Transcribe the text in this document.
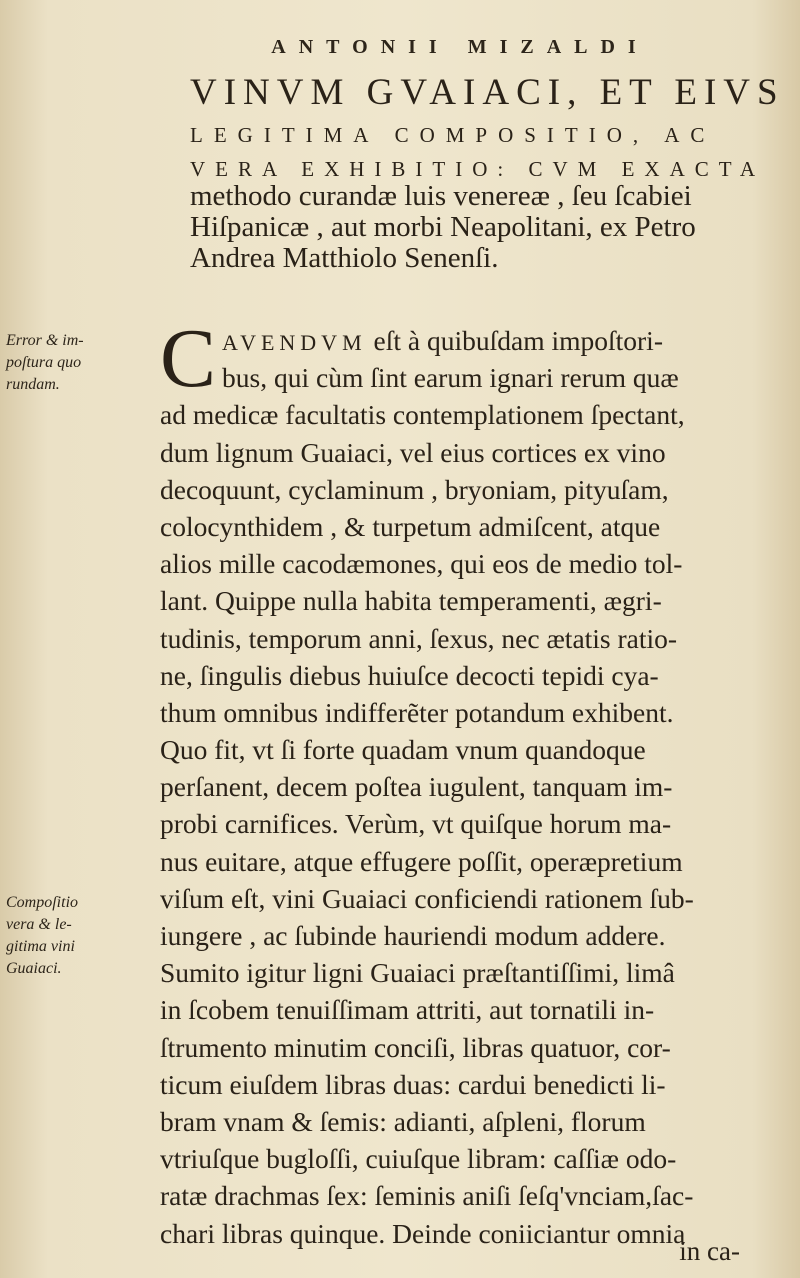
ANTONII MIZALDI
VINVM GVAIACI, ET EIVS
LEGITIMA COMPOSITIO, AC
VERA EXHIBITIO: CVM EXACTA
methodo curandæ luis venereæ , ſeu ſcabiei
Hiſpanicæ , aut morbi Neapolitani, ex Petro
Andrea Matthiolo Senenſi.
Error & im-
poſtura quo
rundam.
Compoſitio
vera & le-
gitima vini
Guaiaci.
C AVENDVM eſt à quibuſdam impoſtori-
bus, qui cùm ſint earum ignari rerum quæ
ad medicæ facultatis contemplationem ſpectant,
dum lignum Guaiaci, vel eius cortices ex vino
decoquunt, cyclaminum , bryoniam, pityuſam,
colocynthidem , & turpetum admiſcent, atque
alios mille cacodæmones, qui eos de medio tol-
lant. Quippe nulla habita temperamenti, ægri-
tudinis, temporum anni, ſexus, nec ætatis ratio-
ne, ſingulis diebus huiuſce decocti tepidi cya-
thum omnibus indifferẽter potandum exhibent.
Quo fit, vt ſi forte quadam vnum quandoque
perſanent, decem poſtea iugulent, tanquam im-
probi carnifices. Verùm, vt quiſque horum ma-
nus euitare, atque effugere poſſit, operæpretium
viſum eſt, vini Guaiaci conficiendi rationem ſub-
iungere , ac ſubinde hauriendi modum addere.
Sumito igitur ligni Guaiaci præſtantiſſimi, limâ
in ſcobem tenuiſſimam attriti, aut tornatili in-
ſtrumento minutim conciſi, libras quatuor, cor-
ticum eiuſdem libras duas: cardui benedicti li-
bram vnam & ſemis: adianti, aſpleni, florum
vtriuſque bugloſſi, cuiuſque libram: caſſiæ odo-
ratæ drachmas ſex: ſeminis aniſi ſeſq'vnciam,ſac-
chari libras quinque. Deinde coniiciantur omnia
in ca-
